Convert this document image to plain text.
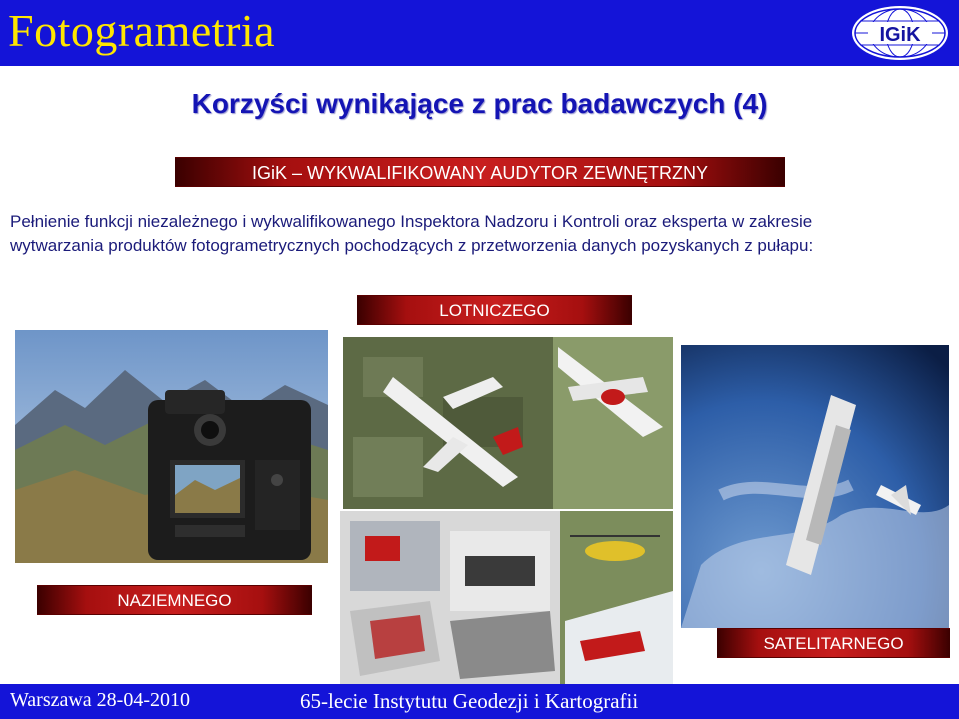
Fotogrametria	IGiK
Korzyści wynikające z prac badawczych (4)
IGiK – WYKWALIFIKOWANY AUDYTOR ZEWNĘTRZNY
Pełnienie funkcji niezależnego i wykwalifikowanego Inspektora Nadzoru i Kontroli oraz eksperta w zakresie
wytwarzania produktów fotogrametrycznych pochodzących z przetworzenia danych pozyskanych z pułapu:
LOTNICZEGO
NAZIEMNEGO
SATELITARNEGO
Warszawa 28-04-2010	65-lecie Instytutu Geodezji i Kartografii
